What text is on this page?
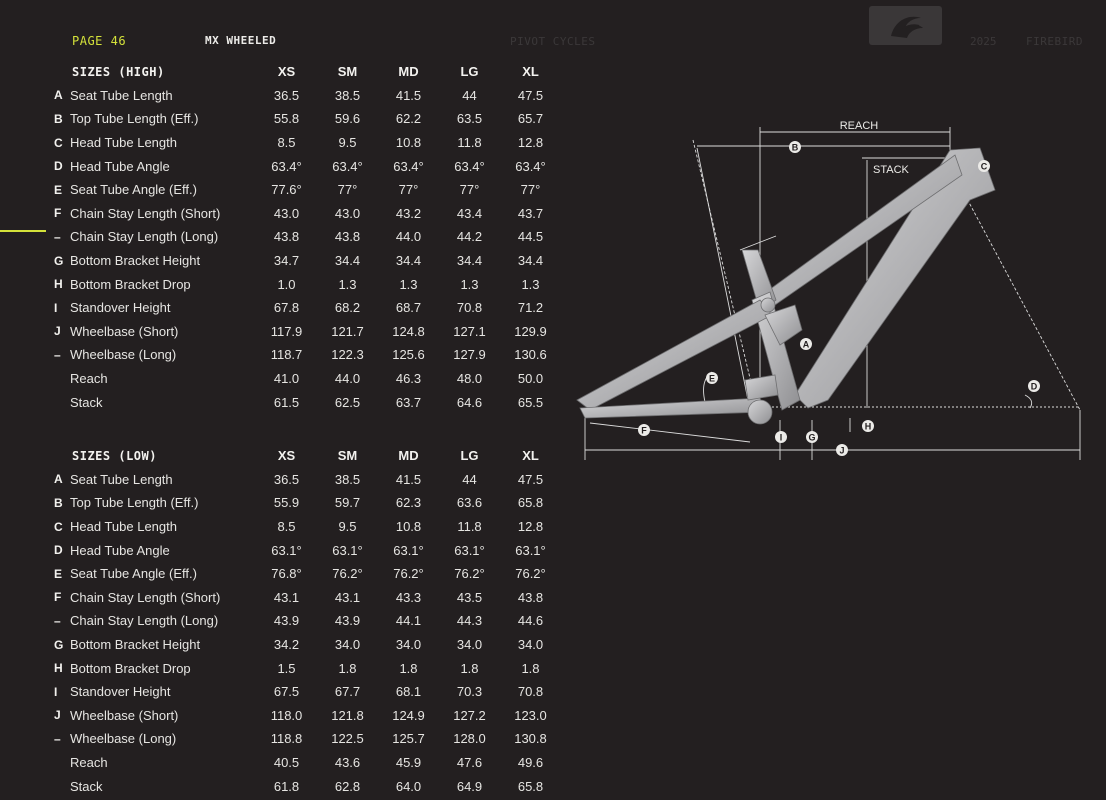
PAGE 46	MX WHEELED	PIVOT CYCLES	2025	FIREBIRD
SIZES (HIGH)		XS	SM	MD	LG	XL
A	Seat Tube Length	36.5	38.5	41.5	44	47.5
B	Top Tube Length (Eff.)	55.8	59.6	62.2	63.5	65.7
C	Head Tube Length	8.5	9.5	10.8	11.8	12.8
D	Head Tube Angle	63.4°	63.4°	63.4°	63.4°	63.4°
E	Seat Tube Angle (Eff.)	77.6°	77°	77°	77°	77°
F	Chain Stay Length (Short)	43.0	43.0	43.2	43.4	43.7
–	Chain Stay Length (Long)	43.8	43.8	44.0	44.2	44.5
G	Bottom Bracket Height	34.7	34.4	34.4	34.4	34.4
H	Bottom Bracket Drop	1.0	1.3	1.3	1.3	1.3
I	Standover Height	67.8	68.2	68.7	70.8	71.2
J	Wheelbase (Short)	117.9	121.7	124.8	127.1	129.9
–	Wheelbase (Long)	118.7	122.3	125.6	127.9	130.6
	Reach	41.0	44.0	46.3	48.0	50.0
	Stack	61.5	62.5	63.7	64.6	65.5
SIZES (LOW)		XS	SM	MD	LG	XL
A	Seat Tube Length	36.5	38.5	41.5	44	47.5
B	Top Tube Length (Eff.)	55.9	59.7	62.3	63.6	65.8
C	Head Tube Length	8.5	9.5	10.8	11.8	12.8
D	Head Tube Angle	63.1°	63.1°	63.1°	63.1°	63.1°
E	Seat Tube Angle (Eff.)	76.8°	76.2°	76.2°	76.2°	76.2°
F	Chain Stay Length (Short)	43.1	43.1	43.3	43.5	43.8
–	Chain Stay Length (Long)	43.9	43.9	44.1	44.3	44.6
G	Bottom Bracket Height	34.2	34.0	34.0	34.0	34.0
H	Bottom Bracket Drop	1.5	1.8	1.8	1.8	1.8
I	Standover Height	67.5	67.7	68.1	70.3	70.8
J	Wheelbase (Short)	118.0	121.8	124.9	127.2	123.0
–	Wheelbase (Long)	118.8	122.5	125.7	128.0	130.8
	Reach	40.5	43.6	45.9	47.6	49.6
	Stack	61.8	62.8	64.0	64.9	65.8
A
B
C
D
E
F
G
H
I
J
REACH
STACK
